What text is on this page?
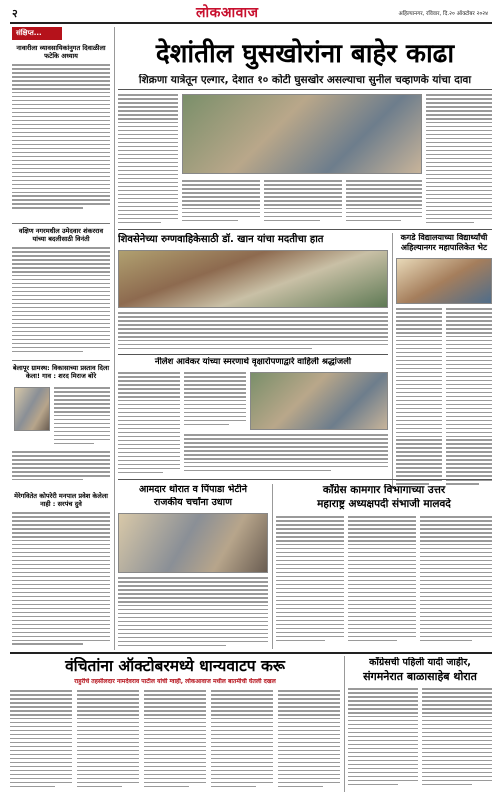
२	लोकआवाज	अहिल्यानगर, रविवार, दि.२० ऑक्टोबर २०२४
संक्षिप्त...
नावारीला व्यावसायिकांनुगत दिवाळीला फटेकि अध्याय
वक्षिण नगरमधील उमेदवार शंकरराव यांच्या बदलीसाठी विनंती
बेलापूर ग्रामस्थ: विकासाच्या प्रस्ताव दिला केला! गाव : शरद मिराज बोरे
देशांतील घुसखोरांना बाहेर काढा
शिक्रणा यात्रेतून एल्गार, देशात १० कोटी घुसखोर असल्याचा सुनील चव्हाणके यांचा दावा
शिवसेनेच्या रुग्णवाहिकेसाठी डॉ. खान यांचा मदतीचा हात	कगडे विद्यालयाच्या विद्यार्थ्यांची अहिल्यानगर महापालिकेत भेट
नीलेश आवेकर यांच्या स्मरणार्थ वृक्षारोपणाद्वारे वाहिली श्रद्धांजली
आमदार थोरात व पिंपाडा भेटीने
राजकीय चर्चांना उधाण
कॉंग्रेस कामगार विभागाच्या उत्तर
महाराष्ट्र अध्यक्षपदी संभाजी मालवदे
मेरेगवितेत कोपरेरी मनपाल प्रवेश केलेला नाही : सरपंच दुवे
वंचितांना ऑक्टोबरमध्ये धान्यवाटप करू
राहुरीचे तहसीलदार नामदेवराव पाटील यांची ग्वाही, लोकआवाज मधील बातमीची घेतली दखल
कॉंग्रेसची पहिली यादी जाहीर,
संगमनेरात बाळासाहेब थोरात
